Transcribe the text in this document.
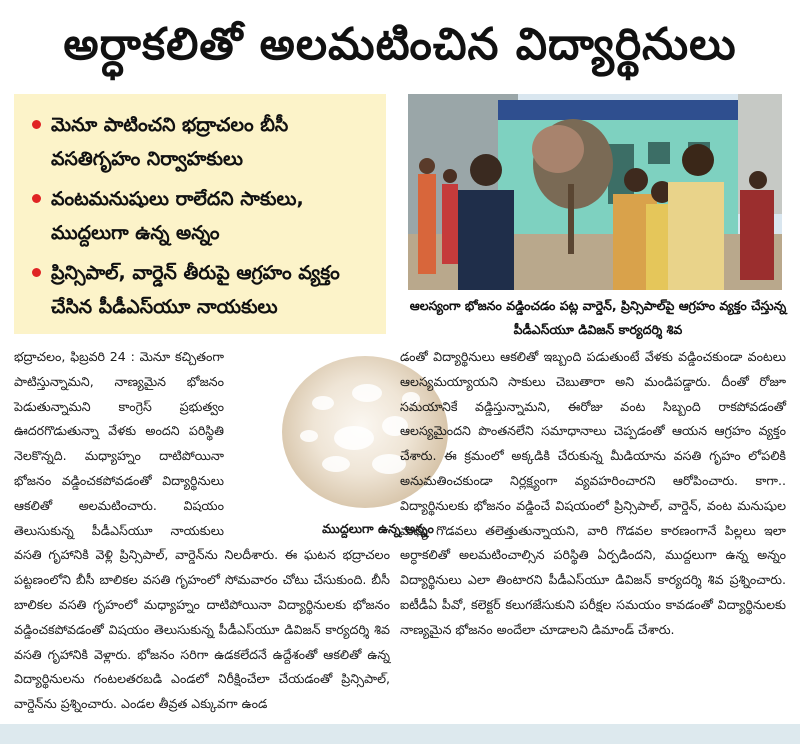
అర్ధాకలితో అలమటించిన విద్యార్థినులు
మెనూ పాటించని భద్రాచలం బీసీ వసతిగృహం నిర్వాహకులు
వంటమనుషులు రాలేదని సాకులు, ముద్దలుగా ఉన్న అన్నం
ప్రిన్సిపాల్, వార్డెన్ తీరుపై ఆగ్రహం వ్యక్తం చేసిన పీడీఎస్‌యూ నాయకులు	ఆలస్యంగా భోజనం వడ్డించడం పట్ల వార్డెన్, ప్రిన్సిపాల్‌పై ఆగ్రహం వ్యక్తం చేస్తున్న పీడీఎస్‌యూ డివిజన్ కార్యదర్శి శివ
భద్రాచలం, ఫిబ్రవరి 24 : మెనూ కచ్చితంగా పాటిస్తున్నామని, నాణ్యమైన భోజనం పెడుతున్నామని కాంగ్రెస్ ప్రభుత్వం ఊదరగొడుతున్నా వేళకు అందని పరిస్థితి నెలకొన్నది. మధ్యాహ్నం దాటిపోయినా భోజనం వడ్డించకపోవడంతో విద్యార్థినులు ఆకలితో అలమటించారు. విషయం తెలుసుకున్న పీడీఎస్‌యూ నాయకులు వసతి గృహానికి వెళ్లి ప్రిన్సిపాల్, వార్డెన్‌ను నిలదీశారు. ఈ ఘటన భద్రాచలం పట్టణంలోని బీసీ బాలికల వసతి గృహంలో సోమవారం చోటు చేసుకుంది. బీసీ బాలికల వసతి గృహంలో మధ్యాహ్నం దాటిపోయినా విద్యార్థినులకు భోజనం వడ్డించకపోవడంతో విషయం తెలుసుకున్న పీడీఎస్‌యూ డివిజన్ కార్యదర్శి శివ వసతి గృహానికి వెళ్లారు. భోజనం సరిగా ఉడకలేదనే ఉద్దేశంతో ఆకలితో ఉన్న విద్యార్థినులను గంటలతరబడి ఎండలో నిరీక్షించేలా చేయడంతో ప్రిన్సిపాల్, వార్డెన్‌ను ప్రశ్నించారు. ఎండల తీవ్రత ఎక్కువగా ఉండ
ముద్దలుగా ఉన్న అన్నం
డంతో విద్యార్థినులు ఆకలితో ఇబ్బంది పడుతుంటే వేళకు వడ్డించకుండా వంటలు ఆలస్యమయ్యాయని సాకులు చెబుతారా అని మండిపడ్డారు. దీంతో రోజూ సమయానికే వడ్డిస్తున్నామని, ఈరోజు వంట సిబ్బంది రాకపోవడంతో ఆలస్యమైందని పొంతనలేని సమాధానాలు చెప్పడంతో ఆయన ఆగ్రహం వ్యక్తం చేశారు. ఈ క్రమంలో అక్కడికి చేరుకున్న మీడియాను వసతి గృహం లోపలికి అనుమతించకుండా నిర్లక్ష్యంగా వ్యవహరించారని ఆరోపించారు. కాగా.. విద్యార్థినులకు భోజనం వడ్డించే విషయంలో ప్రిన్సిపాల్, వార్డెన్, వంట మనుషుల మధ్య గొడవలు తలెత్తుతున్నాయని, వారి గొడవల కారణంగానే పిల్లలు ఇలా అర్ధాకలితో అలమటించాల్సిన పరిస్థితి ఏర్పడిందని, ముద్దలుగా ఉన్న అన్నం విద్యార్థినులు ఎలా తింటారని పీడీఎస్‌యూ డివిజన్ కార్యదర్శి శివ ప్రశ్నించారు. ఐటీడీఏ పీవో, కలెక్టర్ కలుగజేసుకుని పరీక్షల సమయం కావడంతో విద్యార్థినులకు నాణ్యమైన భోజనం అందేలా చూడాలని డిమాండ్ చేశారు.
